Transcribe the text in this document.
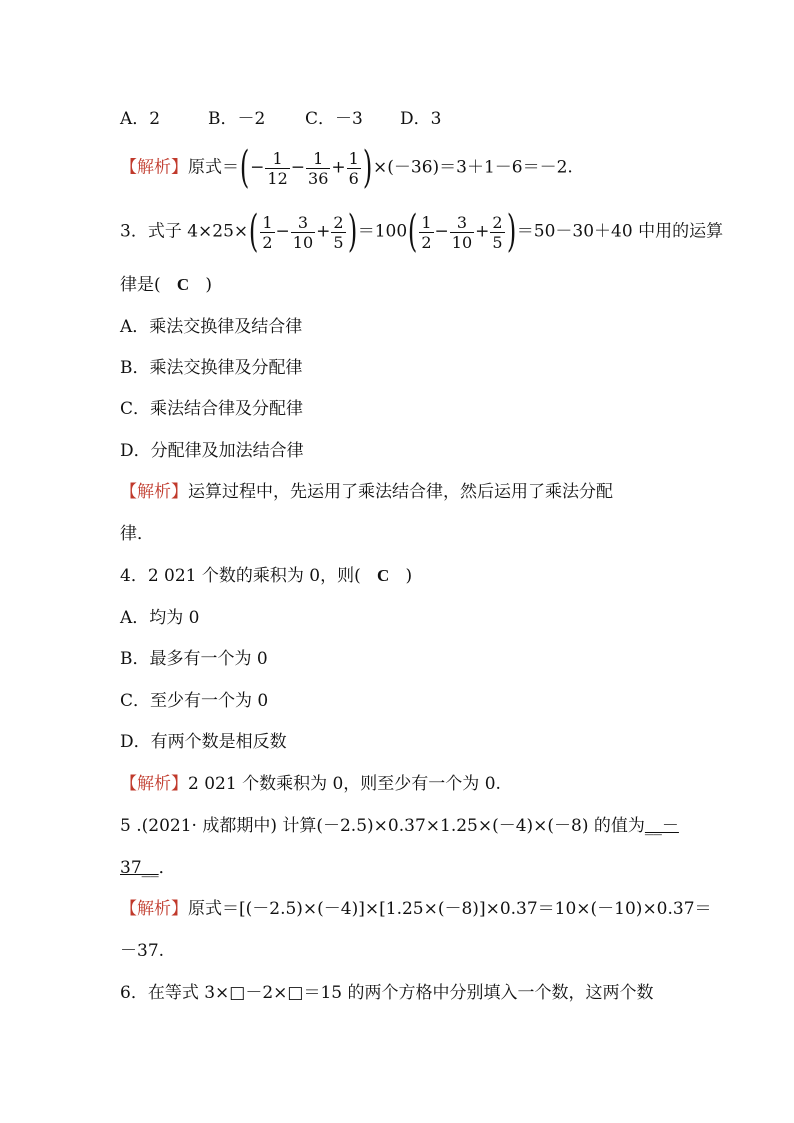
A．2	B．－2 C．－3 D．3
【解析】原式＝(− $\frac{1}{12} - \frac{1}{36} + \frac{1}{6} )\times(-36)=3+1-6=-2$.
3．式子 $4\times 25\times( \frac{1}{2} - \frac{3}{10} + \frac{2}{5} )=100( \frac{1}{2} - \frac{3}{10} + \frac{2}{5} )=50-30+40$ 中用的运算
律是( C )
A．乘法交换律及结合律
B．乘法交换律及分配律
C．乘法结合律及分配律
D．分配律及加法结合律
【解析】运算过程中，先运用了乘法结合律，然后运用了乘法分配
律．
4．2 021 个数的乘积为 0，则( C )
A．均为 0
B．最多有一个为 0
C．至少有一个为 0
D．有两个数是相反数
【解析】2 021 个数乘积为 0，则至少有一个为 0.
5 .(2021· 成都期中) 计算(－2.5)×0.37×1.25×(－4)×(－8) 的值为__－
37__．
【解析】原式＝[(－2.5)×(－4)]×[1.25×(－8)]×0.37＝10×(－10)×0.37＝
－37.
6．在等式 3×□－2×□＝15 的两个方格中分别填入一个数，这两个数
